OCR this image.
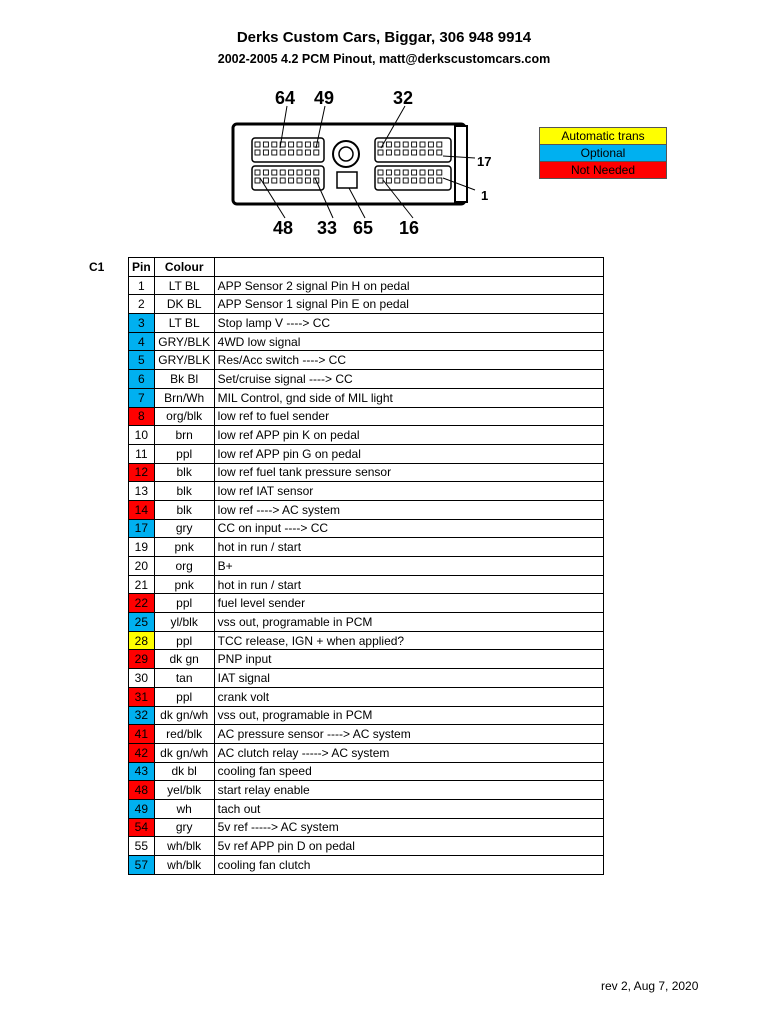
Derks Custom Cars, Biggar, 306 948 9914
2002-2005 4.2 PCM Pinout, matt@derkscustomcars.com
64 49	32
17
1
48 33 65 16
Automatic trans
Optional
Not Needed
C1 Pin	Colour	
1	LT BL	APP Sensor 2 signal Pin H on pedal
2	DK BL	APP Sensor 1 signal Pin E on pedal
3	LT BL	Stop lamp V ----> CC
4	GRY/BLK	4WD low signal
5	GRY/BLK	Res/Acc switch ----> CC
6	Bk Bl	Set/cruise signal ----> CC
7	Brn/Wh	MIL Control, gnd side of MIL light
8	org/blk	low ref to fuel sender
10	brn	low ref APP pin K on pedal
11	ppl	low ref APP pin G on pedal
12	blk	low ref fuel tank pressure sensor
13	blk	low ref IAT sensor
14	blk	low ref ----> AC system
17	gry	CC on input ----> CC
19	pnk	hot in run / start
20	org	B+
21	pnk	hot in run / start
22	ppl	fuel level sender
25	yl/blk	vss out, programable in PCM
28	ppl	TCC release, IGN + when applied?
29	dk gn	PNP input
30	tan	IAT signal
31	ppl	crank volt
32	dk gn/wh	vss out, programable in PCM
41	red/blk	AC pressure sensor ----> AC system
42	dk gn/wh	AC clutch relay -----> AC system
43	dk bl	cooling fan speed
48	yel/blk	start relay enable
49	wh	tach out
54	gry	5v ref -----> AC system
55	wh/blk	5v ref APP pin D on pedal
57	wh/blk	cooling fan clutch
rev 2, Aug 7, 2020
